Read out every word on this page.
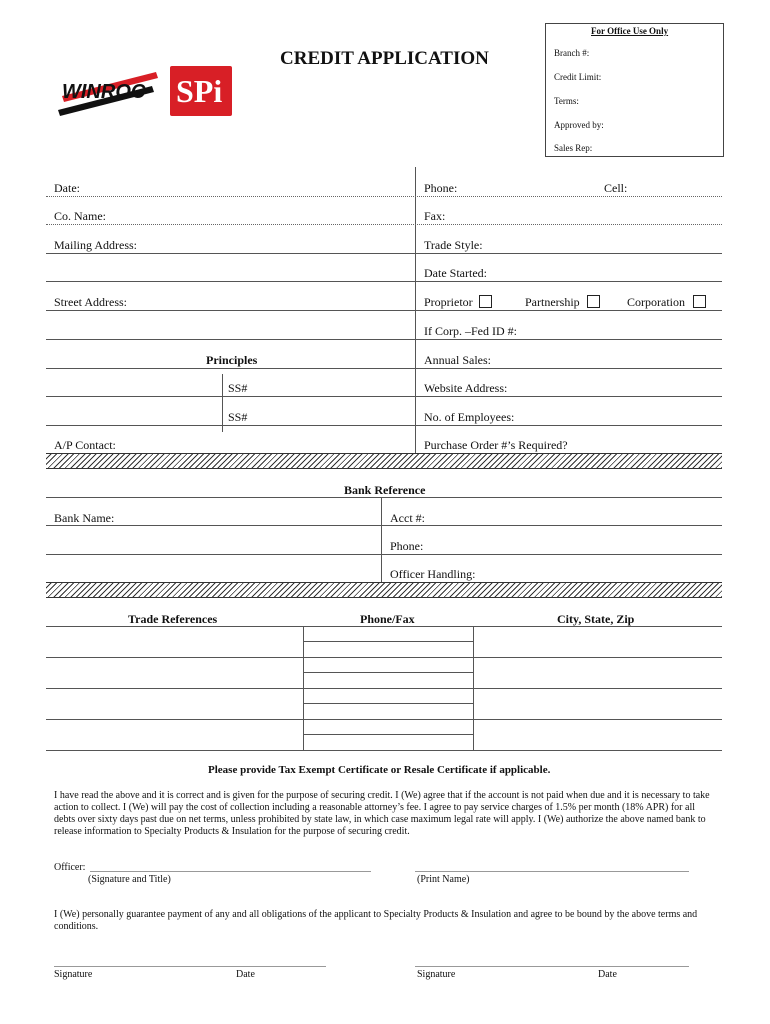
WINROC SPi
CREDIT APPLICATION
For Office Use Only
Branch #:
Credit Limit:
Terms:
Approved by:
Sales Rep:
Date:	Phone:	Cell:
Co. Name:	Fax:
Mailing Address:	Trade Style:
Date Started:
Street Address:	Proprietor	Partnership	Corporation
If Corp. –Fed ID #:
Principles	Annual Sales:
SS#	Website Address:
SS#	No. of Employees:
A/P Contact:	Purchase Order #’s Required?
Bank Reference
Bank Name:	Acct #:
Phone:
Officer Handling:
Trade References	Phone/Fax	City, State, Zip
Please provide Tax Exempt Certificate or Resale Certificate if applicable.
I have read the above and it is correct and is given for the purpose of securing credit. I (We) agree that if the account is not paid when due and it is necessary to take
action to collect. I (We) will pay the cost of collection including a reasonable attorney’s fee. I agree to pay service charges of 1.5% per month (18% APR) for all
debts over sixty days past due on net terms, unless prohibited by state law, in which case maximum legal rate will apply. I (We) authorize the above named bank to
release information to Specialty Products & Insulation for the purpose of securing credit.
Officer:
(Signature and Title)	(Print Name)
I (We) personally guarantee payment of any and all obligations of the applicant to Specialty Products & Insulation and agree to be bound by the above terms and
conditions.
Signature	Date	Signature	Date
